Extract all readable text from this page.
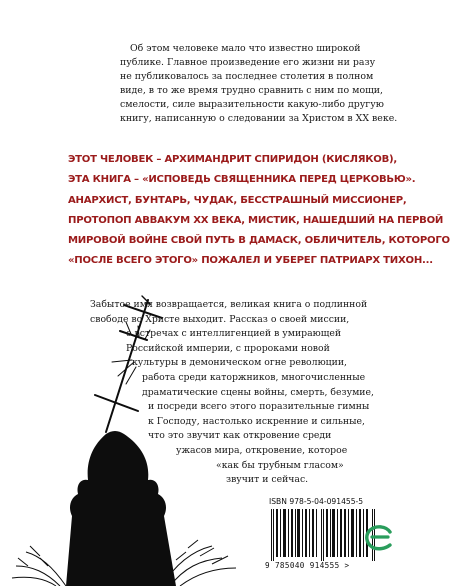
Об этом человеке мало что известно широкой
публике. Главное произведение его жизни ни разу
не публиковалось за последнее столетия в полном
виде, в то же время трудно сравнить с ним по мощи,
смелости, силе выразительности какую-либо другую
книгу, написанную о следовании за Христом в XX веке.

ЭТОТ ЧЕЛОВЕК – АРХИМАНДРИТ СПИРИДОН (КИСЛЯКОВ),
ЭТА КНИГА – «ИСПОВЕДЬ СВЯЩЕННИКА ПЕРЕД ЦЕРКОВЬЮ».
АНАРХИСТ, БУНТАРЬ, ЧУДАК, БЕССТРАШНЫЙ МИССИОНЕР,
ПРОТОПОП АВВАКУМ XX ВЕКА, МИСТИК, НАШЕДШИЙ НА ПЕРВОЙ
МИРОВОЙ ВОЙНЕ СВОЙ ПУТЬ В ДАМАСК, ОБЛИЧИТЕЛЬ, КОТОРОГО
«ПОСЛЕ ВСЕГО ЭТОГО» ПОЖАЛЕЛ И УБЕРЕГ ПАТРИАРХ ТИХОН...

Забытое имя возвращается, великая книга о подлинной
свободе во Христе выходит. Рассказ о своей миссии,
о встречах с интеллигенцией в умирающей
Российской империи, с пророками новой
культуры в демоническом огне революции,
работа среди каторжников, многочисленные
драматические сцены войны, смерть, безумие,
и посреди всего этого поразительные гимны
к Господу, настолько искренние и сильные,
что это звучит как откровение среди
ужасов мира, откровение, которое
«как бы трубным гласом»
звучит и сейчас.

ISBN 978-5-04-091455-5
9 785040 914555 >
